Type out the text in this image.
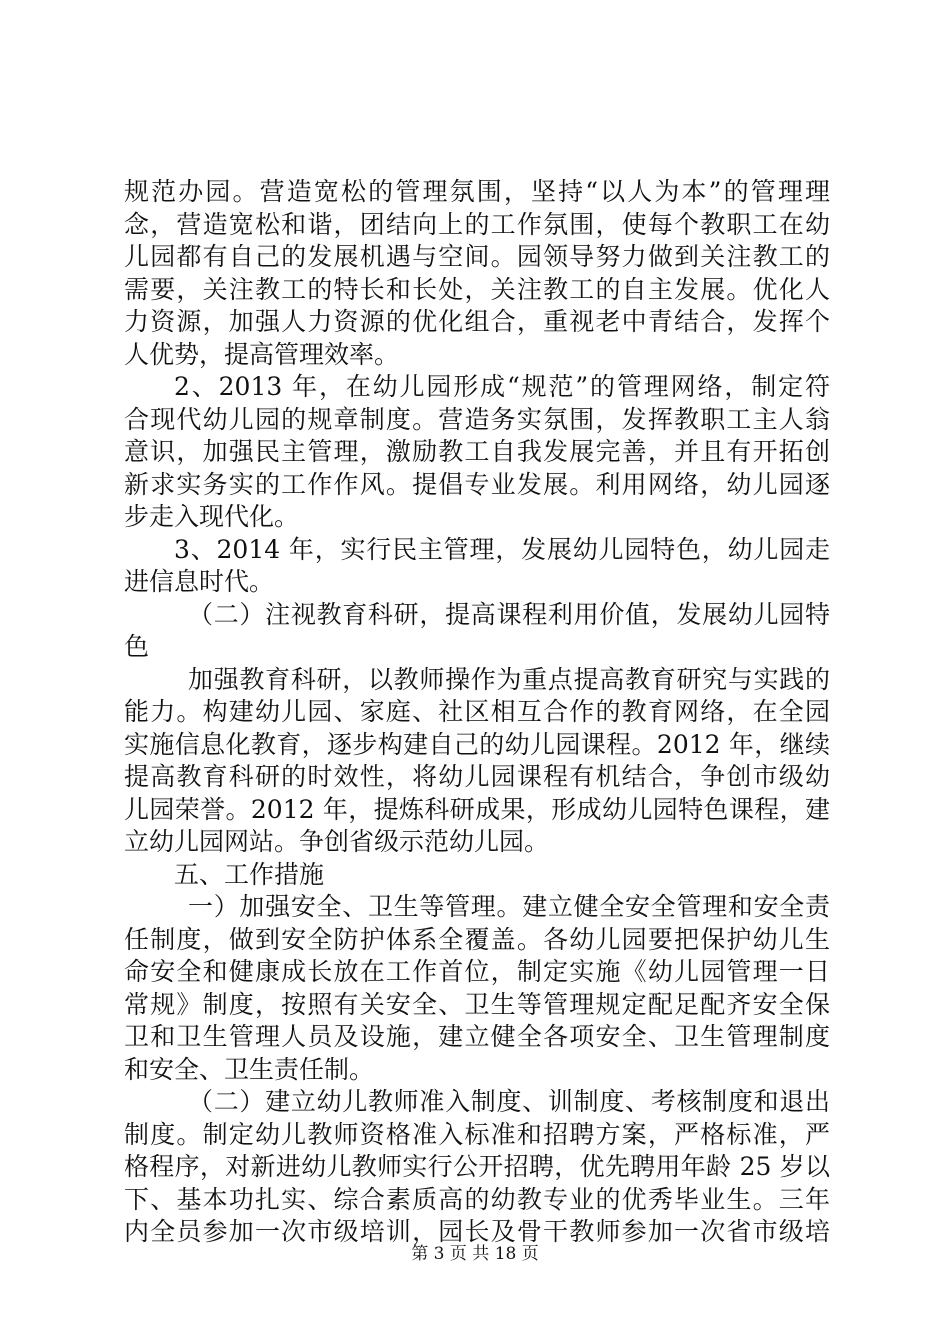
规范办园。营造宽松的管理氛围，坚持“以人为本”的管理理
念，营造宽松和谐，团结向上的工作氛围，使每个教职工在幼
儿园都有自己的发展机遇与空间。园领导努力做到关注教工的
需要，关注教工的特长和长处，关注教工的自主发展。优化人
力资源，加强人力资源的优化组合，重视老中青结合，发挥个
人优势，提高管理效率。
2、2013 年，在幼儿园形成“规范”的管理网络，制定符
合现代幼儿园的规章制度。营造务实氛围，发挥教职工主人翁
意识，加强民主管理，激励教工自我发展完善，并且有开拓创
新求实务实的工作作风。提倡专业发展。利用网络，幼儿园逐
步走入现代化。
3、2014 年，实行民主管理，发展幼儿园特色，幼儿园走
进信息时代。
（二）注视教育科研，提高课程利用价值，发展幼儿园特
色
加强教育科研，以教师操作为重点提高教育研究与实践的
能力。构建幼儿园、家庭、社区相互合作的教育网络，在全园
实施信息化教育，逐步构建自己的幼儿园课程。2012 年，继续
提高教育科研的时效性，将幼儿园课程有机结合，争创市级幼
儿园荣誉。2012 年，提炼科研成果，形成幼儿园特色课程，建
立幼儿园网站。争创省级示范幼儿园。
五、工作措施
一）加强安全、卫生等管理。建立健全安全管理和安全责
任制度，做到安全防护体系全覆盖。各幼儿园要把保护幼儿生
命安全和健康成长放在工作首位，制定实施《幼儿园管理一日
常规》制度，按照有关安全、卫生等管理规定配足配齐安全保
卫和卫生管理人员及设施，建立健全各项安全、卫生管理制度
和安全、卫生责任制。
（二）建立幼儿教师准入制度、训制度、考核制度和退出
制度。制定幼儿教师资格准入标准和招聘方案，严格标准，严
格程序，对新进幼儿教师实行公开招聘，优先聘用年龄 25 岁以
下、基本功扎实、综合素质高的幼教专业的优秀毕业生。三年
内全员参加一次市级培训，园长及骨干教师参加一次省市级培
第 3 页 共 18 页
